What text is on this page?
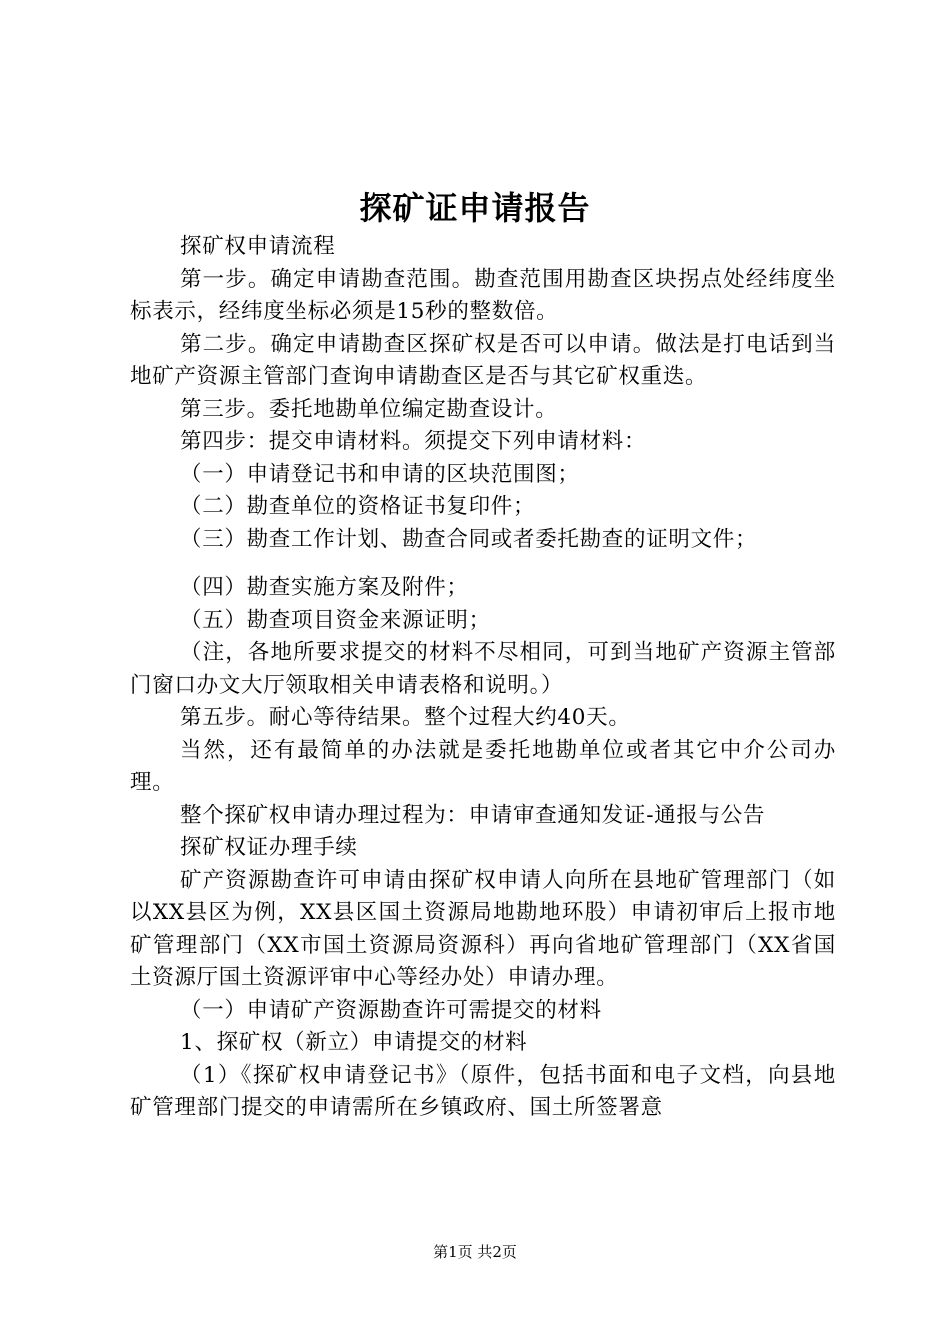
探矿证申请报告

探矿权申请流程

第一步。确定申请勘查范围。勘查范围用勘查区块拐点处经纬度坐标表示，经纬度坐标必须是15秒的整数倍。

第二步。确定申请勘查区探矿权是否可以申请。做法是打电话到当地矿产资源主管部门查询申请勘查区是否与其它矿权重迭。

第三步。委托地勘单位编定勘查设计。

第四步：提交申请材料。须提交下列申请材料：

（一）申请登记书和申请的区块范围图；

（二）勘查单位的资格证书复印件；

（三）勘查工作计划、勘查合同或者委托勘查的证明文件；

（四）勘查实施方案及附件；

（五）勘查项目资金来源证明；

（注，各地所要求提交的材料不尽相同，可到当地矿产资源主管部门窗口办文大厅领取相关申请表格和说明。）

第五步。耐心等待结果。整个过程大约40天。

当然，还有最简单的办法就是委托地勘单位或者其它中介公司办理。

整个探矿权申请办理过程为：申请审查通知发证-通报与公告

探矿权证办理手续

矿产资源勘查许可申请由探矿权申请人向所在县地矿管理部门（如以XX县区为例，XX县区国土资源局地勘地环股）申请初审后上报市地矿管理部门（XX市国土资源局资源科）再向省地矿管理部门（XX省国土资源厅国土资源评审中心等经办处）申请办理。

（一）申请矿产资源勘查许可需提交的材料

1、探矿权（新立）申请提交的材料

（1）《探矿权申请登记书》（原件，包括书面和电子文档，向县地矿管理部门提交的申请需所在乡镇政府、国土所签署意

第1页 共2页
